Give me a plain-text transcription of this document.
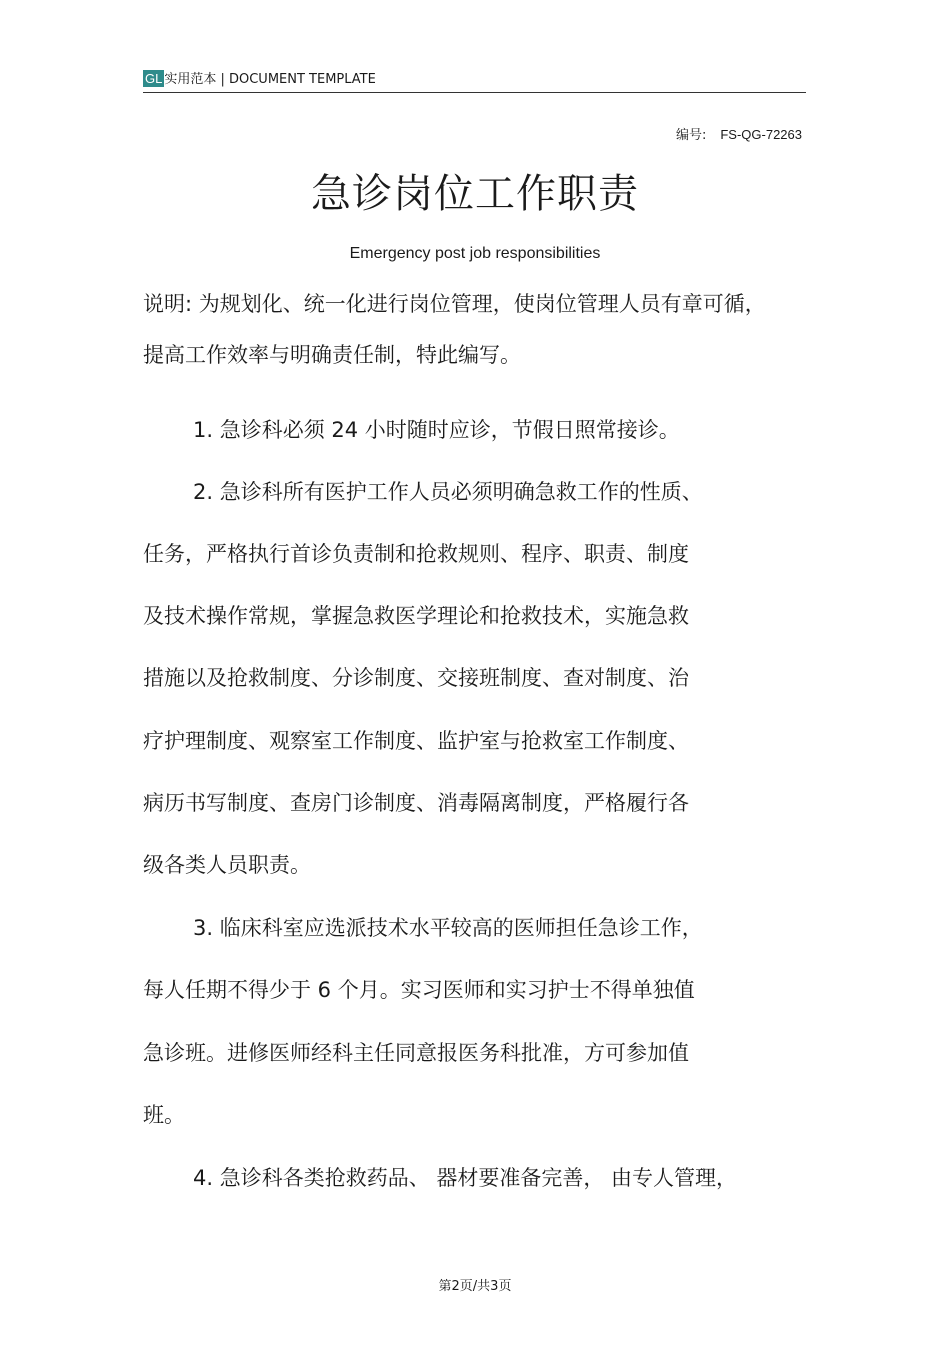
GL 实用范本 | DOCUMENT TEMPLATE
编号: FS-QG-72263
急诊岗位工作职责
Emergency post job responsibilities
说明: 为规划化、统一化进行岗位管理，使岗位管理人员有章可循，
提高工作效率与明确责任制，特此编写。
1. 急诊科必须 24 小时随时应诊，节假日照常接诊。
2. 急诊科所有医护工作人员必须明确急救工作的性质、
任务，严格执行首诊负责制和抢救规则、程序、职责、制度
及技术操作常规，掌握急救医学理论和抢救技术，实施急救
措施以及抢救制度、分诊制度、交接班制度、查对制度、治
疗护理制度、观察室工作制度、监护室与抢救室工作制度、
病历书写制度、查房门诊制度、消毒隔离制度，严格履行各
级各类人员职责。
3. 临床科室应选派技术水平较高的医师担任急诊工作，
每人任期不得少于 6 个月。实习医师和实习护士不得单独值
急诊班。进修医师经科主任同意报医务科批准，方可参加值
班。
4. 急诊科各类抢救药品、 器材要准备完善， 由专人管理，
第2页/共3页
